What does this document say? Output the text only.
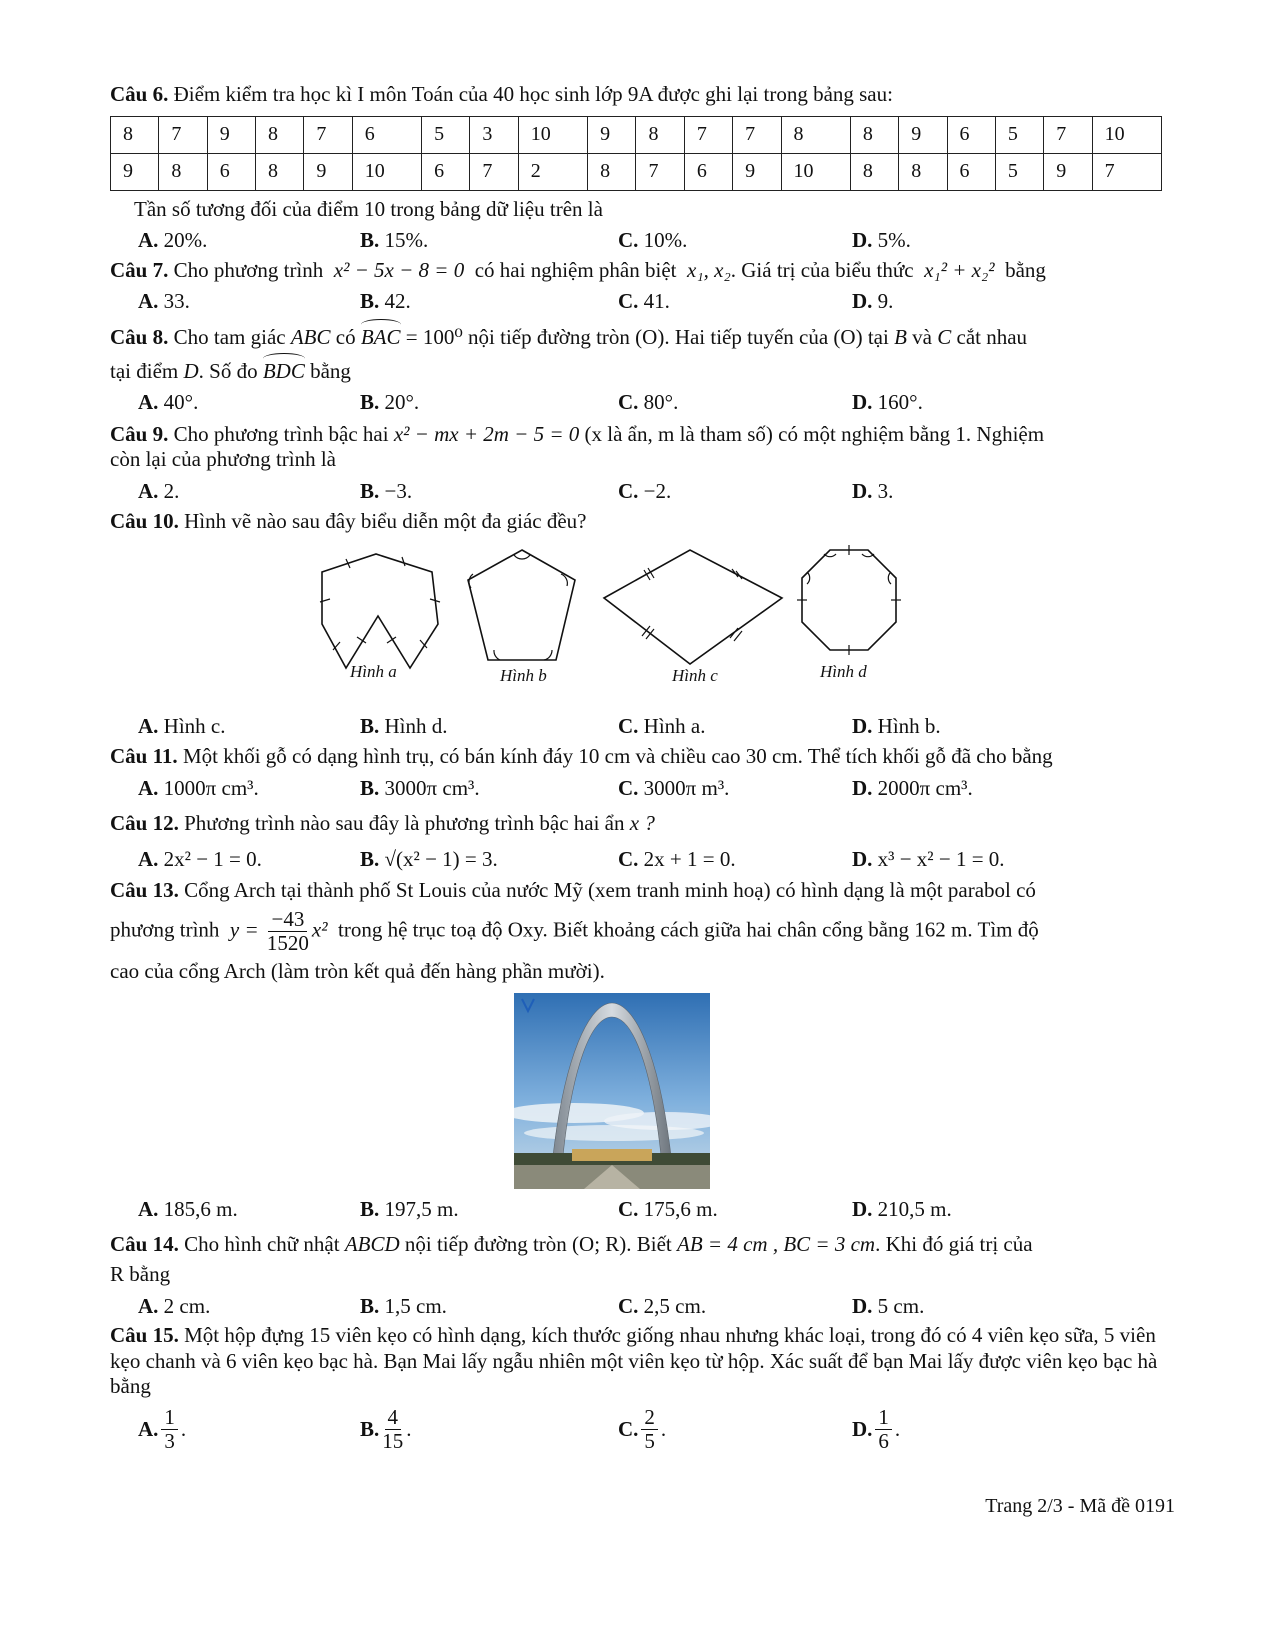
Câu 6. Điểm kiểm tra học kì I môn Toán của 40 học sinh lớp 9A được ghi lại trong bảng sau:

8	7	9	8	7	6	5	3	10	9	8	7	7	8	8	9	6	5	7	10
9	8	6	8	9	10	6	7	2	8	7	6	9	10	8	8	6	5	9	7

Tần số tương đối của điểm 10 trong bảng dữ liệu trên là

A. 20%.	B. 15%.	C. 10%.	D. 5%.

Câu 7. Cho phương trình x² − 5x − 8 = 0 có hai nghiệm phân biệt x₁, x₂. Giá trị của biểu thức x₁² + x₂² bằng

A. 33.	B. 42.	C. 41.	D. 9.

Câu 8. Cho tam giác ABC có BAC = 100⁰ nội tiếp đường tròn (O). Hai tiếp tuyến của (O) tại B và C cắt nhau

tại điểm D. Số đo BDC bằng

A. 40°.	B. 20°.	C. 80°.	D. 160°.

Câu 9. Cho phương trình bậc hai x² − mx + 2m − 5 = 0 (x là ẩn, m là tham số) có một nghiệm bằng 1. Nghiệm
còn lại của phương trình là

A. 2.	B. −3.	C. −2.	D. 3.

Câu 10. Hình vẽ nào sau đây biểu diễn một đa giác đều?

Hình a	Hình b	Hình c	Hình d
A. Hình c.	B. Hình d.	C. Hình a.	D. Hình b.

Câu 11. Một khối gỗ có dạng hình trụ, có bán kính đáy 10 cm và chiều cao 30 cm. Thể tích khối gỗ đã cho bằng

A. 1000π cm³.	B. 3000π cm³.	C. 3000π m³.	D. 2000π cm³.

Câu 12. Phương trình nào sau đây là phương trình bậc hai ẩn x ?

A. 2x² − 1 = 0.	B. √(x² − 1) = 3.	C. 2x + 1 = 0.	D. x³ − x² − 1 = 0.

Câu 13. Cổng Arch tại thành phố St Louis của nước Mỹ (xem tranh minh hoạ) có hình dạng là một parabol có

phương trình $y = \frac{-43}{1520} x^2$ trong hệ trục toạ độ Oxy. Biết khoảng cách giữa hai chân cổng bằng 162 m. Tìm độ

cao của cổng Arch (làm tròn kết quả đến hàng phần mười).

A. 185,6 m.	B. 197,5 m.	C. 175,6 m.	D. 210,5 m.

Câu 14. Cho hình chữ nhật ABCD nội tiếp đường tròn (O; R). Biết AB = 4 cm , BC = 3 cm. Khi đó giá trị của

R bằng

A. 2 cm.	B. 1,5 cm.	C. 2,5 cm.	D. 5 cm.

Câu 15. Một hộp đựng 15 viên kẹo có hình dạng, kích thước giống nhau nhưng khác loại, trong đó có 4 viên kẹo sữa, 5 viên kẹo chanh và 6 viên kẹo bạc hà. Bạn Mai lấy ngẫu nhiên một viên kẹo từ hộp. Xác suất để bạn Mai lấy được viên kẹo bạc hà bằng

A. $\frac{1}{3}$ .	B. $\frac{4}{15}$ .	C. $\frac{2}{5}$ .	D. $\frac{1}{6}$ .
Trang 2/3 - Mã đề 0191
